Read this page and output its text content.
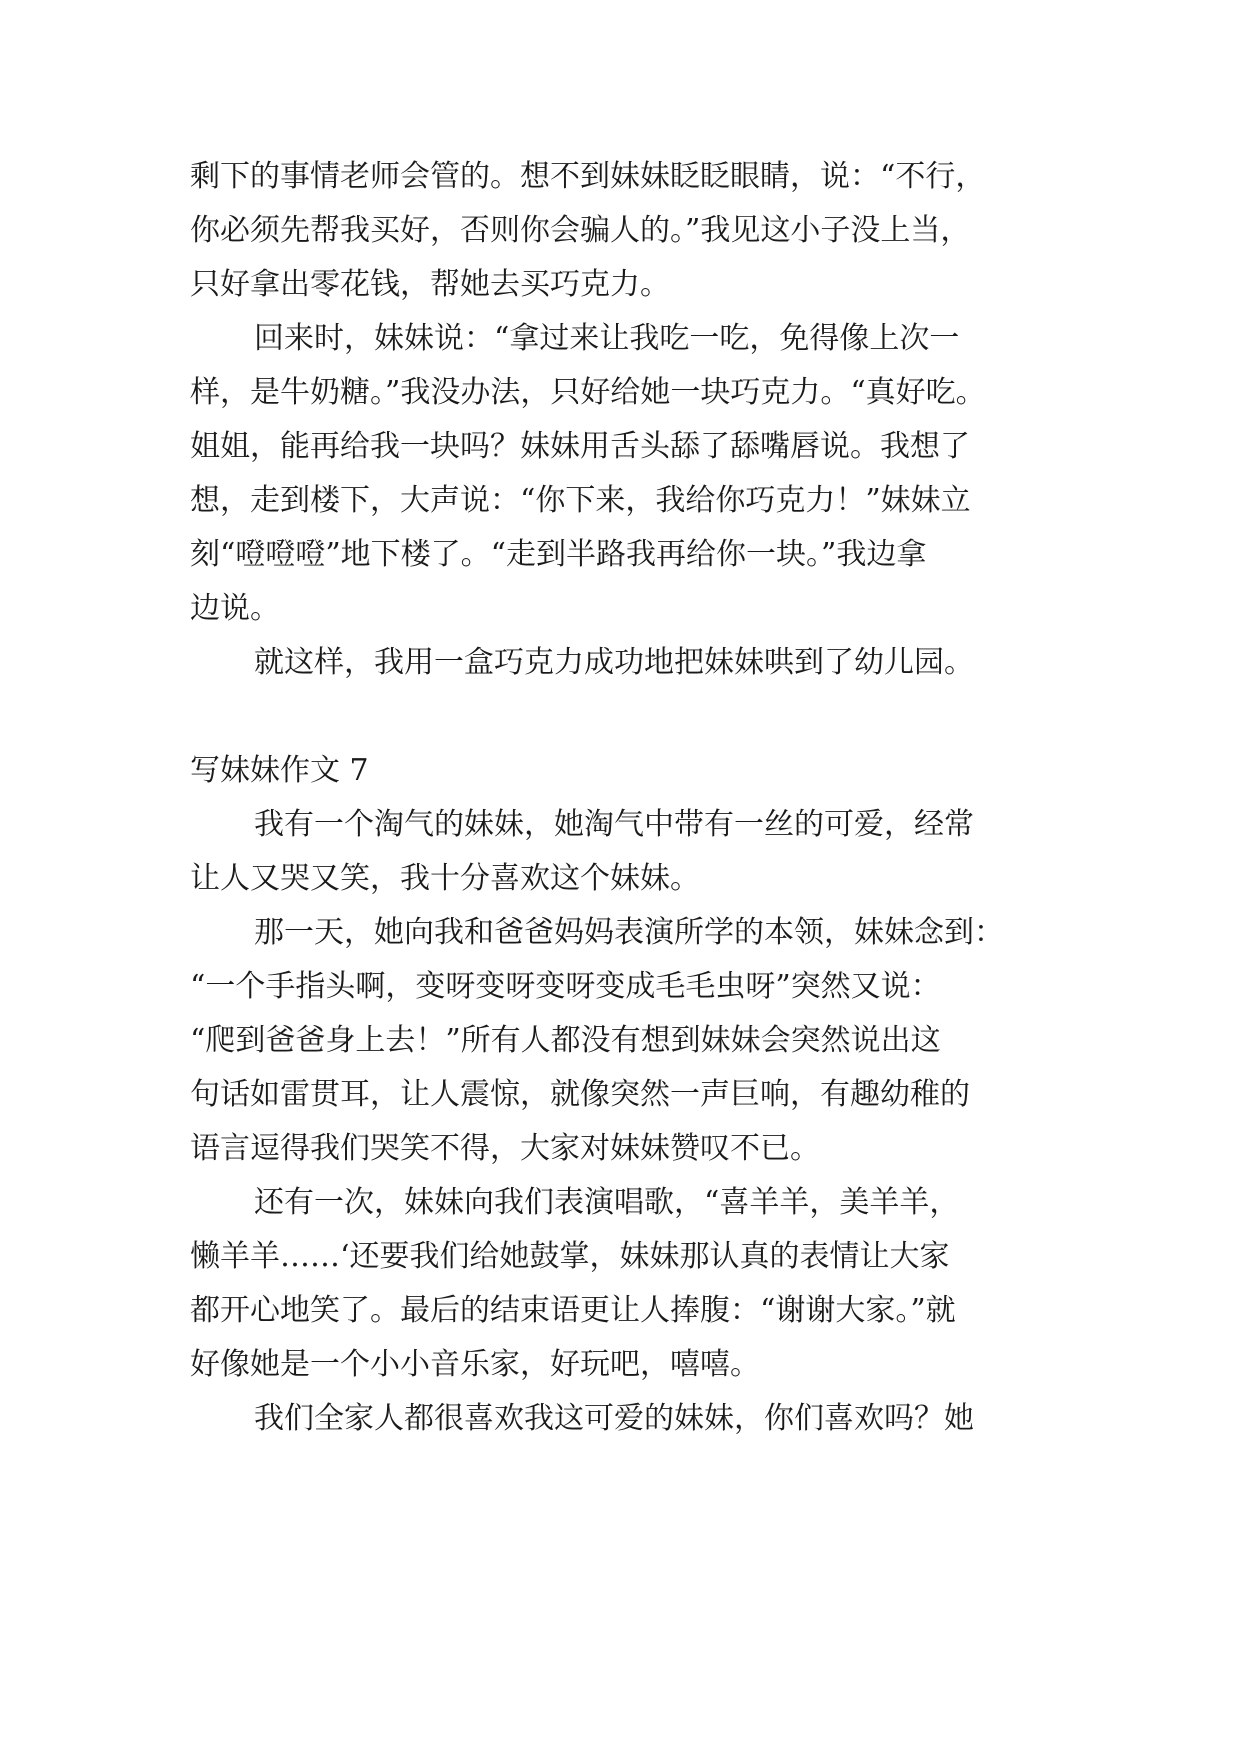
剩下的事情老师会管的。想不到妹妹眨眨眼睛，说：“不行，
你必须先帮我买好，否则你会骗人的。”我见这小子没上当，
只好拿出零花钱，帮她去买巧克力。
回来时，妹妹说：“拿过来让我吃一吃，免得像上次一
样，是牛奶糖。”我没办法，只好给她一块巧克力。“真好吃。
姐姐，能再给我一块吗？妹妹用舌头舔了舔嘴唇说。我想了
想，走到楼下，大声说：“你下来，我给你巧克力！”妹妹立
刻“噔噔噔”地下楼了。“走到半路我再给你一块。”我边拿
边说。
就这样，我用一盒巧克力成功地把妹妹哄到了幼儿园。
写妹妹作文 7
我有一个淘气的妹妹，她淘气中带有一丝的可爱，经常
让人又哭又笑，我十分喜欢这个妹妹。
那一天，她向我和爸爸妈妈表演所学的本领，妹妹念到：
“一个手指头啊，变呀变呀变呀变成毛毛虫呀”突然又说：
“爬到爸爸身上去！”所有人都没有想到妹妹会突然说出这
句话如雷贯耳，让人震惊，就像突然一声巨响，有趣幼稚的
语言逗得我们哭笑不得，大家对妹妹赞叹不已。
还有一次，妹妹向我们表演唱歌，“喜羊羊，美羊羊，
懒羊羊……‘还要我们给她鼓掌，妹妹那认真的表情让大家
都开心地笑了。最后的结束语更让人捧腹：“谢谢大家。”就
好像她是一个小小音乐家，好玩吧，嘻嘻。
我们全家人都很喜欢我这可爱的妹妹，你们喜欢吗？她
